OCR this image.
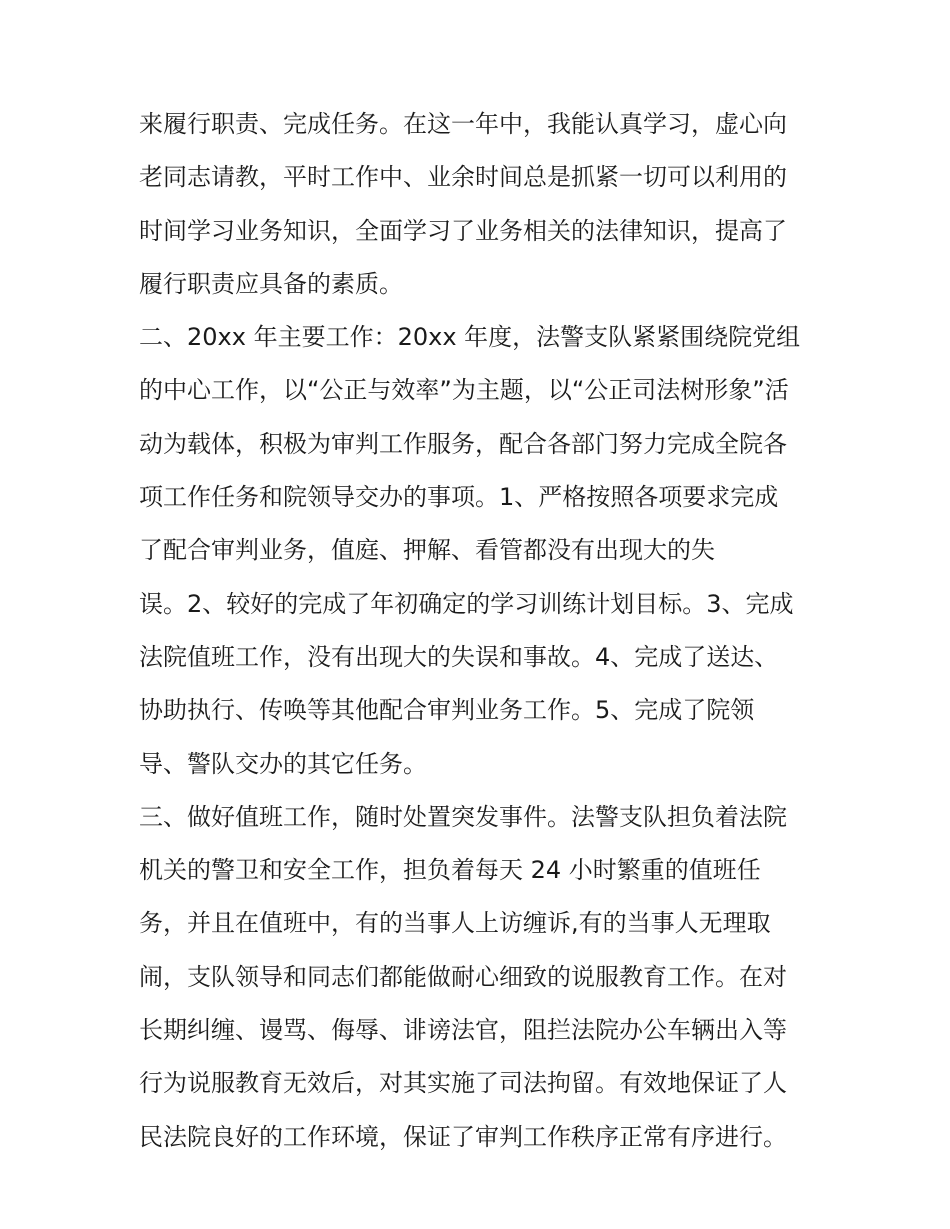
来履行职责、完成任务。在这一年中，我能认真学习，虚心向
老同志请教，平时工作中、业余时间总是抓紧一切可以利用的
时间学习业务知识，全面学习了业务相关的法律知识，提高了
履行职责应具备的素质。
二、20xx 年主要工作：20xx 年度，法警支队紧紧围绕院党组
的中心工作，以“公正与效率”为主题，以“公正司法树形象”活
动为载体，积极为审判工作服务，配合各部门努力完成全院各
项工作任务和院领导交办的事项。1、严格按照各项要求完成
了配合审判业务，值庭、押解、看管都没有出现大的失
误。2、较好的完成了年初确定的学习训练计划目标。3、完成
法院值班工作，没有出现大的失误和事故。4、完成了送达、
协助执行、传唤等其他配合审判业务工作。5、完成了院领
导、警队交办的其它任务。
三、做好值班工作，随时处置突发事件。法警支队担负着法院
机关的警卫和安全工作，担负着每天 24 小时繁重的值班任
务，并且在值班中，有的当事人上访缠诉,有的当事人无理取
闹，支队领导和同志们都能做耐心细致的说服教育工作。在对
长期纠缠、谩骂、侮辱、诽谤法官，阻拦法院办公车辆出入等
行为说服教育无效后，对其实施了司法拘留。有效地保证了人
民法院良好的工作环境，保证了审判工作秩序正常有序进行。
